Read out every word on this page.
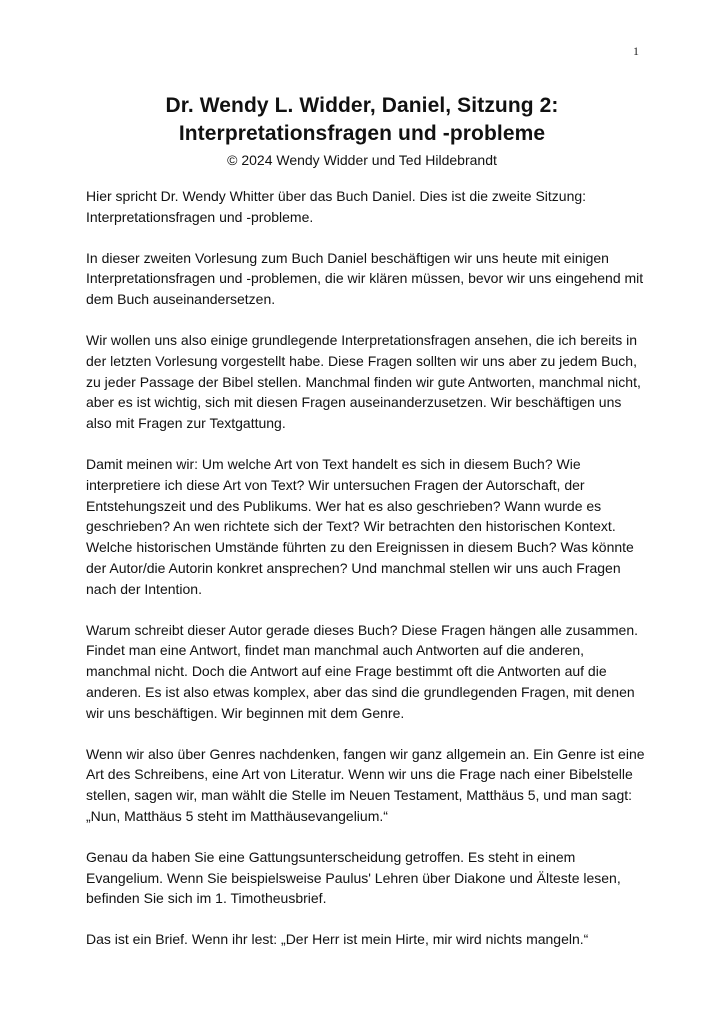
1
Dr. Wendy L. Widder, Daniel, Sitzung 2:
Interpretationsfragen und -probleme
© 2024 Wendy Widder und Ted Hildebrandt

Hier spricht Dr. Wendy Whitter über das Buch Daniel. Dies ist die zweite Sitzung: Interpretationsfragen und -probleme.

In dieser zweiten Vorlesung zum Buch Daniel beschäftigen wir uns heute mit einigen Interpretationsfragen und -problemen, die wir klären müssen, bevor wir uns eingehend mit dem Buch auseinandersetzen.

Wir wollen uns also einige grundlegende Interpretationsfragen ansehen, die ich bereits in der letzten Vorlesung vorgestellt habe. Diese Fragen sollten wir uns aber zu jedem Buch, zu jeder Passage der Bibel stellen. Manchmal finden wir gute Antworten, manchmal nicht, aber es ist wichtig, sich mit diesen Fragen auseinanderzusetzen. Wir beschäftigen uns also mit Fragen zur Textgattung.

Damit meinen wir: Um welche Art von Text handelt es sich in diesem Buch? Wie interpretiere ich diese Art von Text? Wir untersuchen Fragen der Autorschaft, der Entstehungszeit und des Publikums. Wer hat es also geschrieben? Wann wurde es geschrieben? An wen richtete sich der Text? Wir betrachten den historischen Kontext. Welche historischen Umstände führten zu den Ereignissen in diesem Buch? Was könnte der Autor/die Autorin konkret ansprechen? Und manchmal stellen wir uns auch Fragen nach der Intention.

Warum schreibt dieser Autor gerade dieses Buch? Diese Fragen hängen alle zusammen. Findet man eine Antwort, findet man manchmal auch Antworten auf die anderen, manchmal nicht. Doch die Antwort auf eine Frage bestimmt oft die Antworten auf die anderen. Es ist also etwas komplex, aber das sind die grundlegenden Fragen, mit denen wir uns beschäftigen. Wir beginnen mit dem Genre.

Wenn wir also über Genres nachdenken, fangen wir ganz allgemein an. Ein Genre ist eine Art des Schreibens, eine Art von Literatur. Wenn wir uns die Frage nach einer Bibelstelle stellen, sagen wir, man wählt die Stelle im Neuen Testament, Matthäus 5, und man sagt: „Nun, Matthäus 5 steht im Matthäusevangelium.“

Genau da haben Sie eine Gattungsunterscheidung getroffen. Es steht in einem Evangelium. Wenn Sie beispielsweise Paulus' Lehren über Diakone und Älteste lesen, befinden Sie sich im 1. Timotheusbrief.

Das ist ein Brief. Wenn ihr lest: „Der Herr ist mein Hirte, mir wird nichts mangeln.“
